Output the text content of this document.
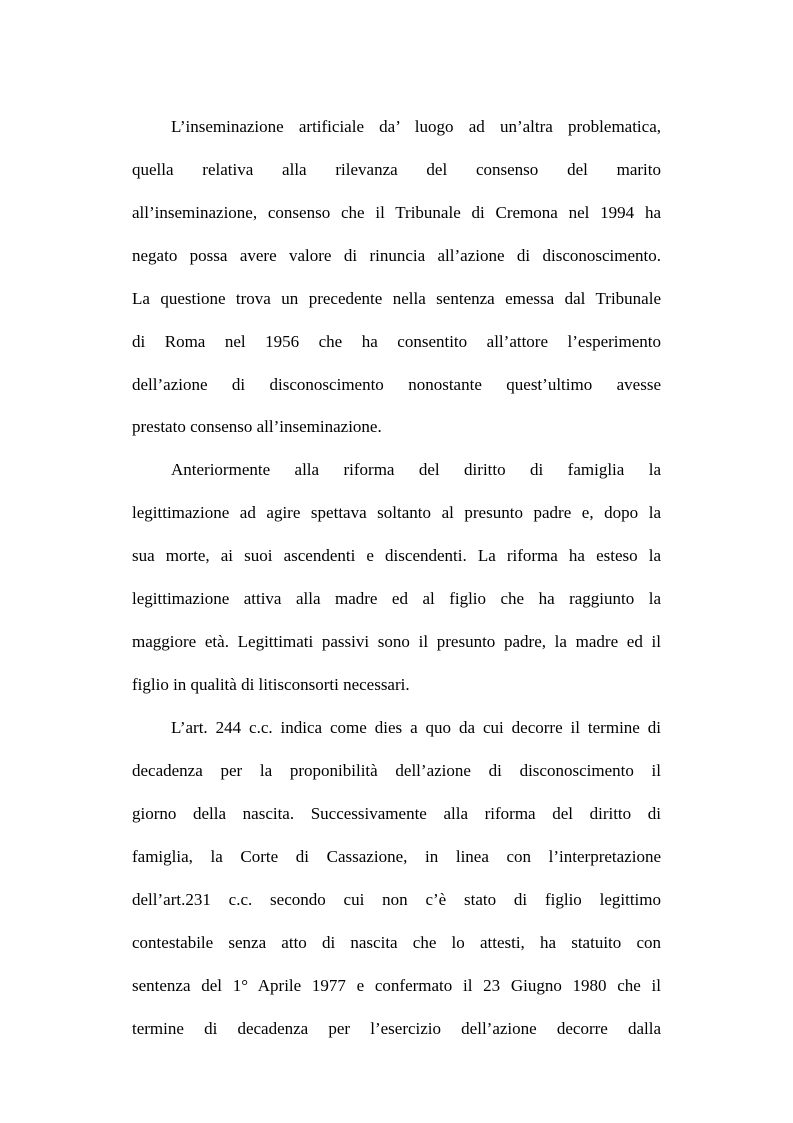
L’inseminazione artificiale da’ luogo ad un’altra problematica,

quella relativa alla rilevanza del consenso del marito

all’inseminazione, consenso che il Tribunale di Cremona nel 1994 ha

negato possa avere valore di rinuncia all’azione di disconoscimento.

La questione trova un precedente nella sentenza emessa dal Tribunale

di Roma nel 1956 che ha consentito all’attore l’esperimento

dell’azione di disconoscimento nonostante quest’ultimo avesse

prestato consenso all’inseminazione.

Anteriormente alla riforma del diritto di famiglia la

legittimazione ad agire spettava soltanto al presunto padre e, dopo la

sua morte, ai suoi ascendenti e discendenti. La riforma ha esteso la

legittimazione attiva alla madre ed al figlio che ha raggiunto la

maggiore età. Legittimati passivi sono il presunto padre, la madre ed il

figlio in qualità di litisconsorti necessari.

L’art. 244 c.c. indica come dies a quo da cui decorre il termine di

decadenza per la proponibilità dell’azione di disconoscimento il

giorno della nascita. Successivamente alla riforma del diritto di

famiglia, la Corte di Cassazione, in linea con l’interpretazione

dell’art.231 c.c. secondo cui non c’è stato di figlio legittimo

contestabile senza atto di nascita che lo attesti, ha statuito con

sentenza del 1° Aprile 1977 e confermato il 23 Giugno 1980 che il

termine di decadenza per l’esercizio dell’azione decorre dalla
